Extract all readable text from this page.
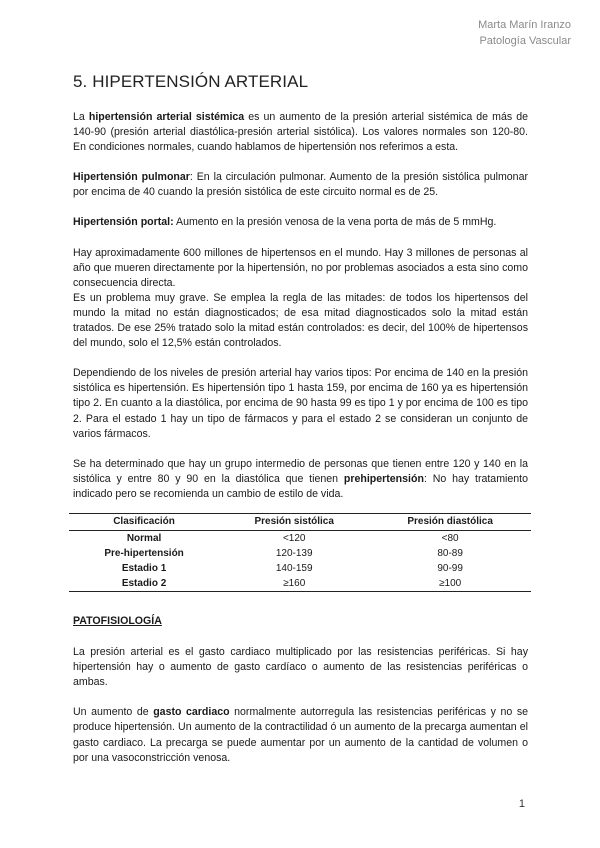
Marta Marín Iranzo
Patología Vascular
5. HIPERTENSIÓN ARTERIAL

La hipertensión arterial sistémica es un aumento de la presión arterial sistémica de más de 140-90 (presión arterial diastólica-presión arterial sistólica). Los valores normales son 120-80. En condiciones normales, cuando hablamos de hipertensión nos referimos a esta.

Hipertensión pulmonar: En la circulación pulmonar. Aumento de la presión sistólica pulmonar por encima de 40 cuando la presión sistólica de este circuito normal es de 25.

Hipertensión portal: Aumento en la presión venosa de la vena porta de más de 5 mmHg.

Hay aproximadamente 600 millones de hipertensos en el mundo. Hay 3 millones de personas al año que mueren directamente por la hipertensión, no por problemas asociados a esta sino como consecuencia directa.

Es un problema muy grave. Se emplea la regla de las mitades: de todos los hipertensos del mundo la mitad no están diagnosticados; de esa mitad diagnosticados solo la mitad están tratados. De ese 25% tratado solo la mitad están controlados: es decir, del 100% de hipertensos del mundo, solo el 12,5% están controlados.

Dependiendo de los niveles de presión arterial hay varios tipos: Por encima de 140 en la presión sistólica es hipertensión. Es hipertensión tipo 1 hasta 159, por encima de 160 ya es hipertensión tipo 2. En cuanto a la diastólica, por encima de 90 hasta 99 es tipo 1 y por encima de 100 es tipo 2. Para el estado 1 hay un tipo de fármacos y para el estado 2 se consideran un conjunto de varios fármacos.

Se ha determinado que hay un grupo intermedio de personas que tienen entre 120 y 140 en la sistólica y entre 80 y 90 en la diastólica que tienen prehipertensión: No hay tratamiento indicado pero se recomienda un cambio de estilo de vida.

Clasificación	Presión sistólica	Presión diastólica
Normal	<120	<80
Pre-hipertensión	120-139	80-89
Estadio 1	140-159	90-99
Estadio 2	≥160	≥100
PATOFISIOLOGÍA

La presión arterial es el gasto cardiaco multiplicado por las resistencias periféricas. Si hay hipertensión hay o aumento de gasto cardíaco o aumento de las resistencias periféricas o ambas.

Un aumento de gasto cardiaco normalmente autorregula las resistencias periféricas y no se produce hipertensión. Un aumento de la contractilidad ó un aumento de la precarga aumentan el gasto cardiaco. La precarga se puede aumentar por un aumento de la cantidad de volumen o por una vasoconstricción venosa.

1
